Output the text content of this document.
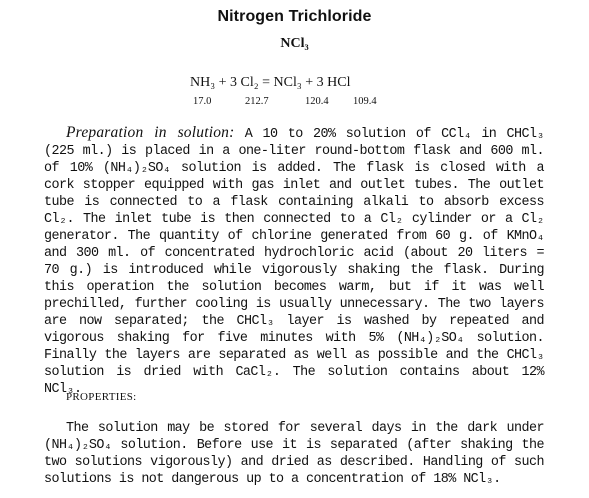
Nitrogen Trichloride
NCl₃
NH₃ + 3 Cl₂ = NCl₃ + 3 HCl
17.0	212.7	120.4 109.4
Preparation in solution: A 10 to 20% solution of CCl₄ in CHCl₃ (225 ml.) is placed in a one-liter round-bottom flask and 600 ml. of 10% (NH₄)₂SO₄ solution is added. The flask is closed with a cork stopper equipped with gas inlet and outlet tubes. The outlet tube is connected to a flask containing alkali to absorb excess Cl₂. The inlet tube is then connected to a Cl₂ cylinder or a Cl₂ generator. The quantity of chlorine generated from 60 g. of KMnO₄ and 300 ml. of concentrated hydrochloric acid (about 20 liters = 70 g.) is introduced while vigorously shaking the flask. During this operation the solution becomes warm, but if it was well prechilled, further cooling is usually unnecessary. The two layers are now separated; the CHCl₃ layer is washed by repeated and vigorous shaking for five minutes with 5% (NH₄)₂SO₄ solution. Finally the layers are separated as well as possible and the CHCl₃ solution is dried with CaCl₂. The solution contains about 12% NCl₃.
PROPERTIES:
The solution may be stored for several days in the dark under (NH₄)₂SO₄ solution. Before use it is separated (after shaking the two solutions vigorously) and dried as described. Handling of such solutions is not dangerous up to a concentration of 18% NCl₃.
